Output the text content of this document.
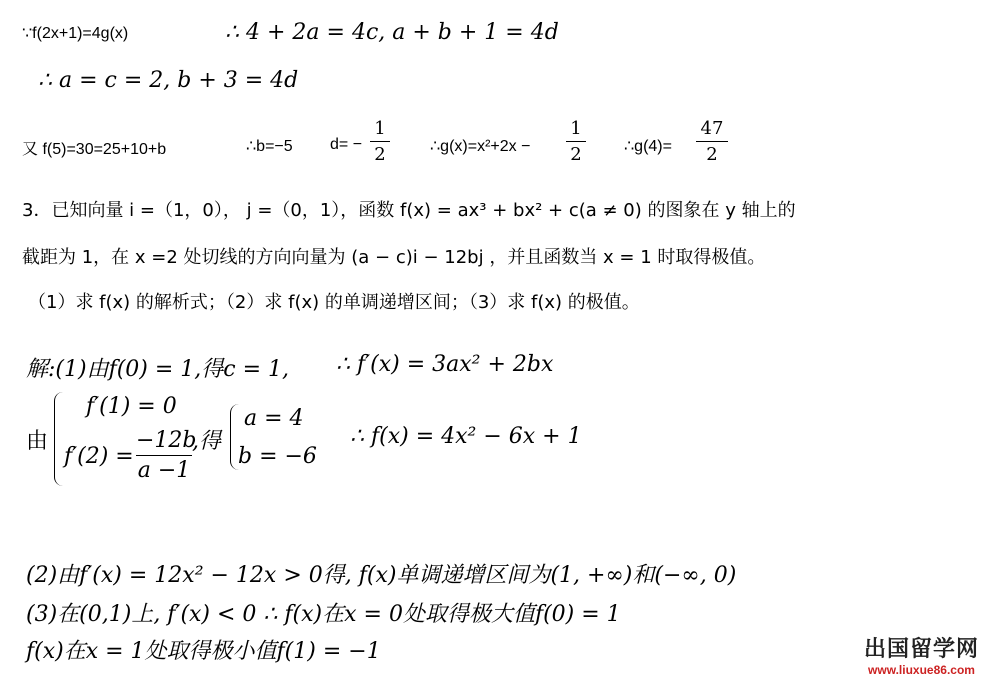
∵f(2x+1)=4g(x)	∴ 4 + 2a = 4c, a + b + 1 = 4d
∴ a = c = 2, b + 3 = 4d
又 f(5)=30=25+10+b	∴b=−5 d= −
1
2	∴g(x)=x²+2x −
1
2	∴g(4)=
47
2
3．已知向量 i =（1，0）， j =（0，1），函数 f(x) = ax³ + bx² + c(a ≠ 0) 的图象在 y 轴上的
截距为 1，在 x =2 处切线的方向向量为 (a − c)i − 12bj ，并且函数当 x = 1 时取得极值。
（1）求 f(x) 的解析式；（2）求 f(x) 的单调递增区间；（3）求 f(x) 的极值。
解:(1)由f(0) = 1,得c = 1, ∴ f′(x) = 3ax² + 2bx
由
f′(1) = 0
f′(2) =
−12b
a −1
,得
a = 4
b = −6
∴ f(x) = 4x² − 6x + 1
(2)由f′(x) = 12x² − 12x > 0得, f(x)单调递增区间为(1, +∞)和(−∞, 0)
(3)在(0,1)上, f′(x) < 0 ∴ f(x)在x = 0处取得极大值f(0) = 1
f(x)在x = 1处取得极小值f(1) = −1	出国留学网
www.liuxue86.com
